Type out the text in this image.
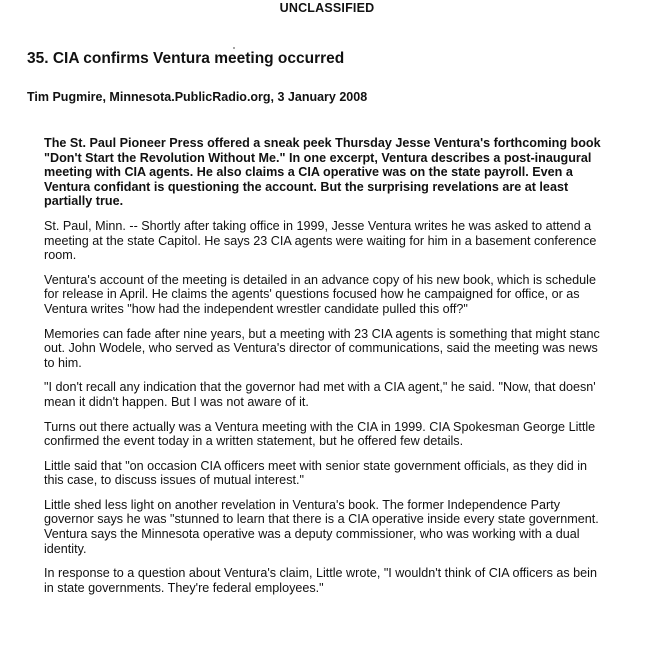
UNCLASSIFIED
35. CIA confirms Ventura meeting occurred
Tim Pugmire, Minnesota.PublicRadio.org, 3 January 2008
The St. Paul Pioneer Press offered a sneak peek Thursday Jesse Ventura's forthcoming book
"Don't Start the Revolution Without Me." In one excerpt, Ventura describes a post-inaugural
meeting with CIA agents. He also claims a CIA operative was on the state payroll. Even a
Ventura confidant is questioning the account. But the surprising revelations are at least
partially true.
St. Paul, Minn. -- Shortly after taking office in 1999, Jesse Ventura writes he was asked to attend a
meeting at the state Capitol. He says 23 CIA agents were waiting for him in a basement conference
room.
Ventura's account of the meeting is detailed in an advance copy of his new book, which is schedule
for release in April. He claims the agents' questions focused how he campaigned for office, or as
Ventura writes "how had the independent wrestler candidate pulled this off?"
Memories can fade after nine years, but a meeting with 23 CIA agents is something that might stanc
out. John Wodele, who served as Ventura's director of communications, said the meeting was news
to him.
"I don't recall any indication that the governor had met with a CIA agent," he said. "Now, that doesn'
mean it didn't happen. But I was not aware of it.
Turns out there actually was a Ventura meeting with the CIA in 1999. CIA Spokesman George Little
confirmed the event today in a written statement, but he offered few details.
Little said that "on occasion CIA officers meet with senior state government officials, as they did in
this case, to discuss issues of mutual interest."
Little shed less light on another revelation in Ventura's book. The former Independence Party
governor says he was "stunned to learn that there is a CIA operative inside every state government.
Ventura says the Minnesota operative was a deputy commissioner, who was working with a dual
identity.
In response to a question about Ventura's claim, Little wrote, "I wouldn't think of CIA officers as bein
in state governments. They're federal employees."
